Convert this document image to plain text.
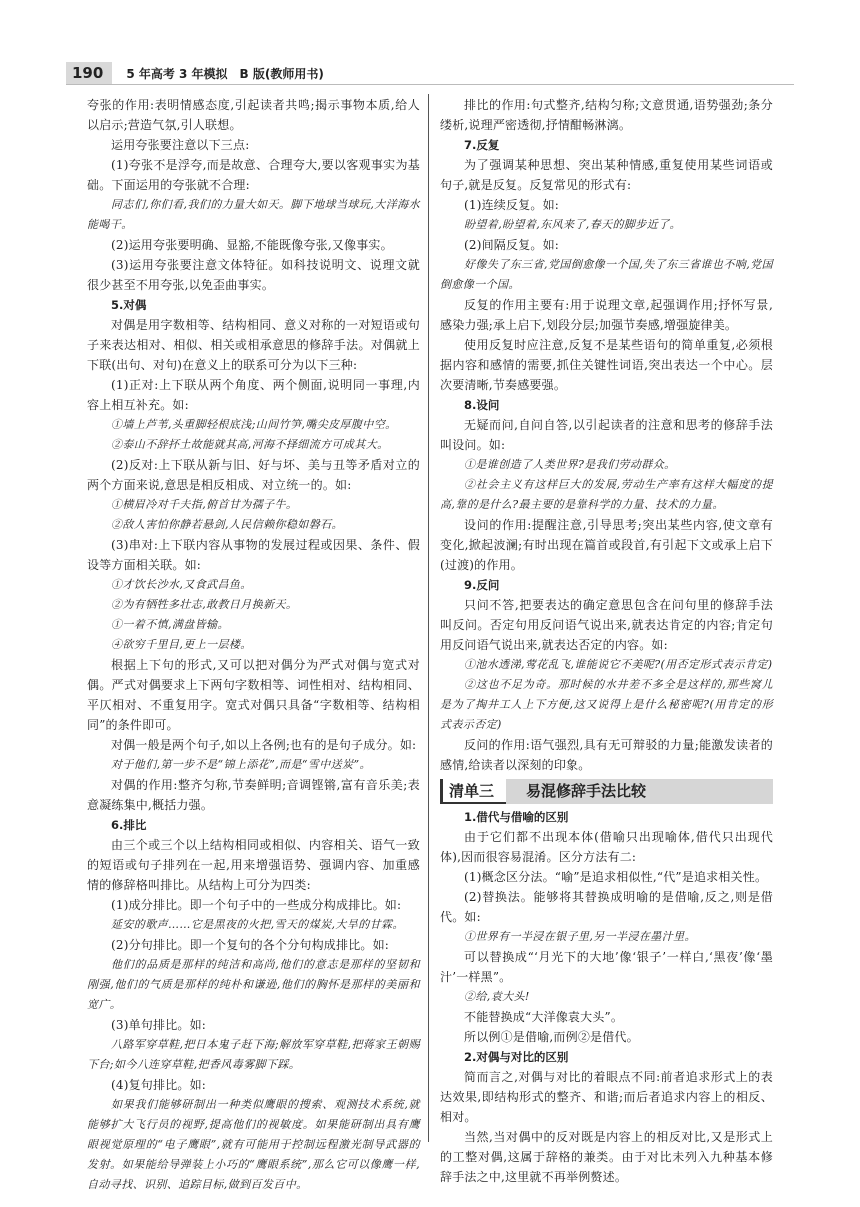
190	5 年高考 3 年模拟　B 版(教师用书)

夸张的作用:表明情感态度,引起读者共鸣;揭示事物本质,给人以启示;营造气氛,引人联想。

运用夸张要注意以下三点:

(1)夸张不是浮夸,而是故意、合理夸大,要以客观事实为基础。下面运用的夸张就不合理:

同志们,你们看,我们的力量大如天。脚下地球当球玩,大洋海水能喝干。

(2)运用夸张要明确、显豁,不能既像夸张,又像事实。

(3)运用夸张要注意文体特征。如科技说明文、说理文就很少甚至不用夸张,以免歪曲事实。

5.对偶

对偶是用字数相等、结构相同、意义对称的一对短语或句子来表达相对、相似、相关或相承意思的修辞手法。对偶就上下联(出句、对句)在意义上的联系可分为以下三种:

(1)正对:上下联从两个角度、两个侧面,说明同一事理,内容上相互补充。如:

①墙上芦苇,头重脚轻根底浅;山间竹笋,嘴尖皮厚腹中空。

②泰山不辞抔土故能就其高,河海不择细流方可成其大。

(2)反对:上下联从新与旧、好与坏、美与丑等矛盾对立的两个方面来说,意思是相反相成、对立统一的。如:

①横眉冷对千夫指,俯首甘为孺子牛。

②敌人害怕你静若悬剑,人民信赖你稳如磐石。

(3)串对:上下联内容从事物的发展过程或因果、条件、假设等方面相关联。如:

①才饮长沙水,又食武昌鱼。

②为有牺牲多壮志,敢教日月换新天。

①一着不慎,满盘皆输。

④欲穷千里目,更上一层楼。

根据上下句的形式,又可以把对偶分为严式对偶与宽式对偶。严式对偶要求上下两句字数相等、词性相对、结构相同、平仄相对、不重复用字。宽式对偶只具备“字数相等、结构相同”的条件即可。

对偶一般是两个句子,如以上各例;也有的是句子成分。如:

对于他们,第一步不是“锦上添花”,而是“雪中送炭”。

对偶的作用:整齐匀称,节奏鲜明;音调铿锵,富有音乐美;表意凝练集中,概括力强。

6.排比

由三个或三个以上结构相同或相似、内容相关、语气一致的短语或句子排列在一起,用来增强语势、强调内容、加重感情的修辞格叫排比。从结构上可分为四类:

(1)成分排比。即一个句子中的一些成分构成排比。如:

延安的歌声……它是黑夜的火把,雪天的煤炭,大旱的甘霖。

(2)分句排比。即一个复句的各个分句构成排比。如:

他们的品质是那样的纯洁和高尚,他们的意志是那样的坚韧和刚强,他们的气质是那样的纯朴和谦逊,他们的胸怀是那样的美丽和宽广。

(3)单句排比。如:

八路军穿草鞋,把日本鬼子赶下海;解放军穿草鞋,把蒋家王朝赐下台;如今八连穿草鞋,把香风毒雾脚下踩。

(4)复句排比。如:

如果我们能够研制出一种类似鹰眼的搜索、观测技术系统,就能够扩大飞行员的视野,提高他们的视敏度。如果能研制出具有鹰眼视觉原理的“电子鹰眼”,就有可能用于控制远程激光制导武器的发射。如果能给导弹装上小巧的“鹰眼系统”,那么它可以像鹰一样,自动寻找、识别、追踪目标,做到百发百中。

排比的作用:句式整齐,结构匀称;文意贯通,语势强劲;条分缕析,说理严密透彻,抒情酣畅淋漓。

7.反复

为了强调某种思想、突出某种情感,重复使用某些词语或句子,就是反复。反复常见的形式有:

(1)连续反复。如:

盼望着,盼望着,东风来了,春天的脚步近了。

(2)间隔反复。如:

好像失了东三省,党国倒愈像一个国,失了东三省谁也不响,党国倒愈像一个国。

反复的作用主要有:用于说理文章,起强调作用;抒怀写景,感染力强;承上启下,划段分层;加强节奏感,增强旋律美。

使用反复时应注意,反复不是某些语句的简单重复,必须根据内容和感情的需要,抓住关键性词语,突出表达一个中心。层次要清晰,节奏感要强。

8.设问

无疑而问,自问自答,以引起读者的注意和思考的修辞手法叫设问。如:

①是谁创造了人类世界?是我们劳动群众。

②社会主义有这样巨大的发展,劳动生产率有这样大幅度的提高,靠的是什么?最主要的是靠科学的力量、技术的力量。

设问的作用:提醒注意,引导思考;突出某些内容,使文章有变化,掀起波澜;有时出现在篇首或段首,有引起下文或承上启下(过渡)的作用。

9.反问

只问不答,把要表达的确定意思包含在问句里的修辞手法叫反问。否定句用反问语气说出来,就表达肯定的内容;肯定句用反问语气说出来,就表达否定的内容。如:

①池水透涕,莺花乱飞,谁能说它不美呢?(用否定形式表示肯定)

②这也不足为奇。那时候的水井差不多全是这样的,那些窝儿是为了掏井工人上下方便,这又说得上是什么秘密呢?(用肯定的形式表示否定)

反问的作用:语气强烈,具有无可辩驳的力量;能激发读者的感情,给读者以深刻的印象。

清单三	易混修辞手法比较
1.借代与借喻的区别

由于它们都不出现本体(借喻只出现喻体,借代只出现代体),因而很容易混淆。区分方法有二:

(1)概念区分法。“喻”是追求相似性,“代”是追求相关性。

(2)替换法。能够将其替换成明喻的是借喻,反之,则是借代。如:

①世界有一半浸在银子里,另一半浸在墨汁里。

可以替换成“‘月光下的大地’像‘银子’一样白,‘黑夜’像‘墨汁’一样黑”。

②给,袁大头!

不能替换成“大洋像袁大头”。

所以例①是借喻,而例②是借代。

2.对偶与对比的区别

简而言之,对偶与对比的着眼点不同:前者追求形式上的表达效果,即结构形式的整齐、和谐;而后者追求内容上的相反、相对。

当然,当对偶中的反对既是内容上的相反对比,又是形式上的工整对偶,这属于辞格的兼类。由于对比未列入九种基本修辞手法之中,这里就不再举例赘述。
